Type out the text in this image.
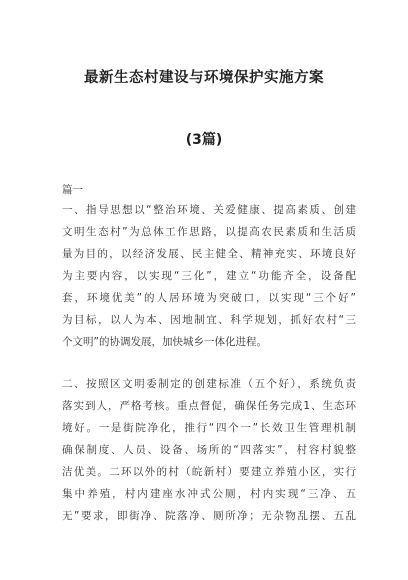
最新生态村建设与环境保护实施方案
(3篇)
篇一
一、指导思想以“整治环境、关爱健康、提高素质、创建
文明生态村”为总体工作思路，以提高农民素质和生活质
量为目的，以经济发展、民主健全、精神充实、环境良好
为主要内容，以实现“三化”，建立“功能齐全，设备配
套，环境优美”的人居环境为突破口，以实现“三个好”
为目标，以人为本、因地制宜、科学规划，抓好农村“三
个文明”的协调发展，加快城乡一体化进程。
二、按照区文明委制定的创建标准（五个好），系统负责
落实到人，严格考核。重点督促，确保任务完成1、生态环
境好。一是街院净化，推行“四个一”长效卫生管理机制
确保制度、人员、设备、场所的“四落实”，村容村貌整
洁优美。二环以外的村（皖新村）要建立养殖小区，实行
集中养殖，村内建座水冲式公厕，村内实现“三净、五
无”要求，即街净、院落净、厕所净；无杂物乱摆、五乱
